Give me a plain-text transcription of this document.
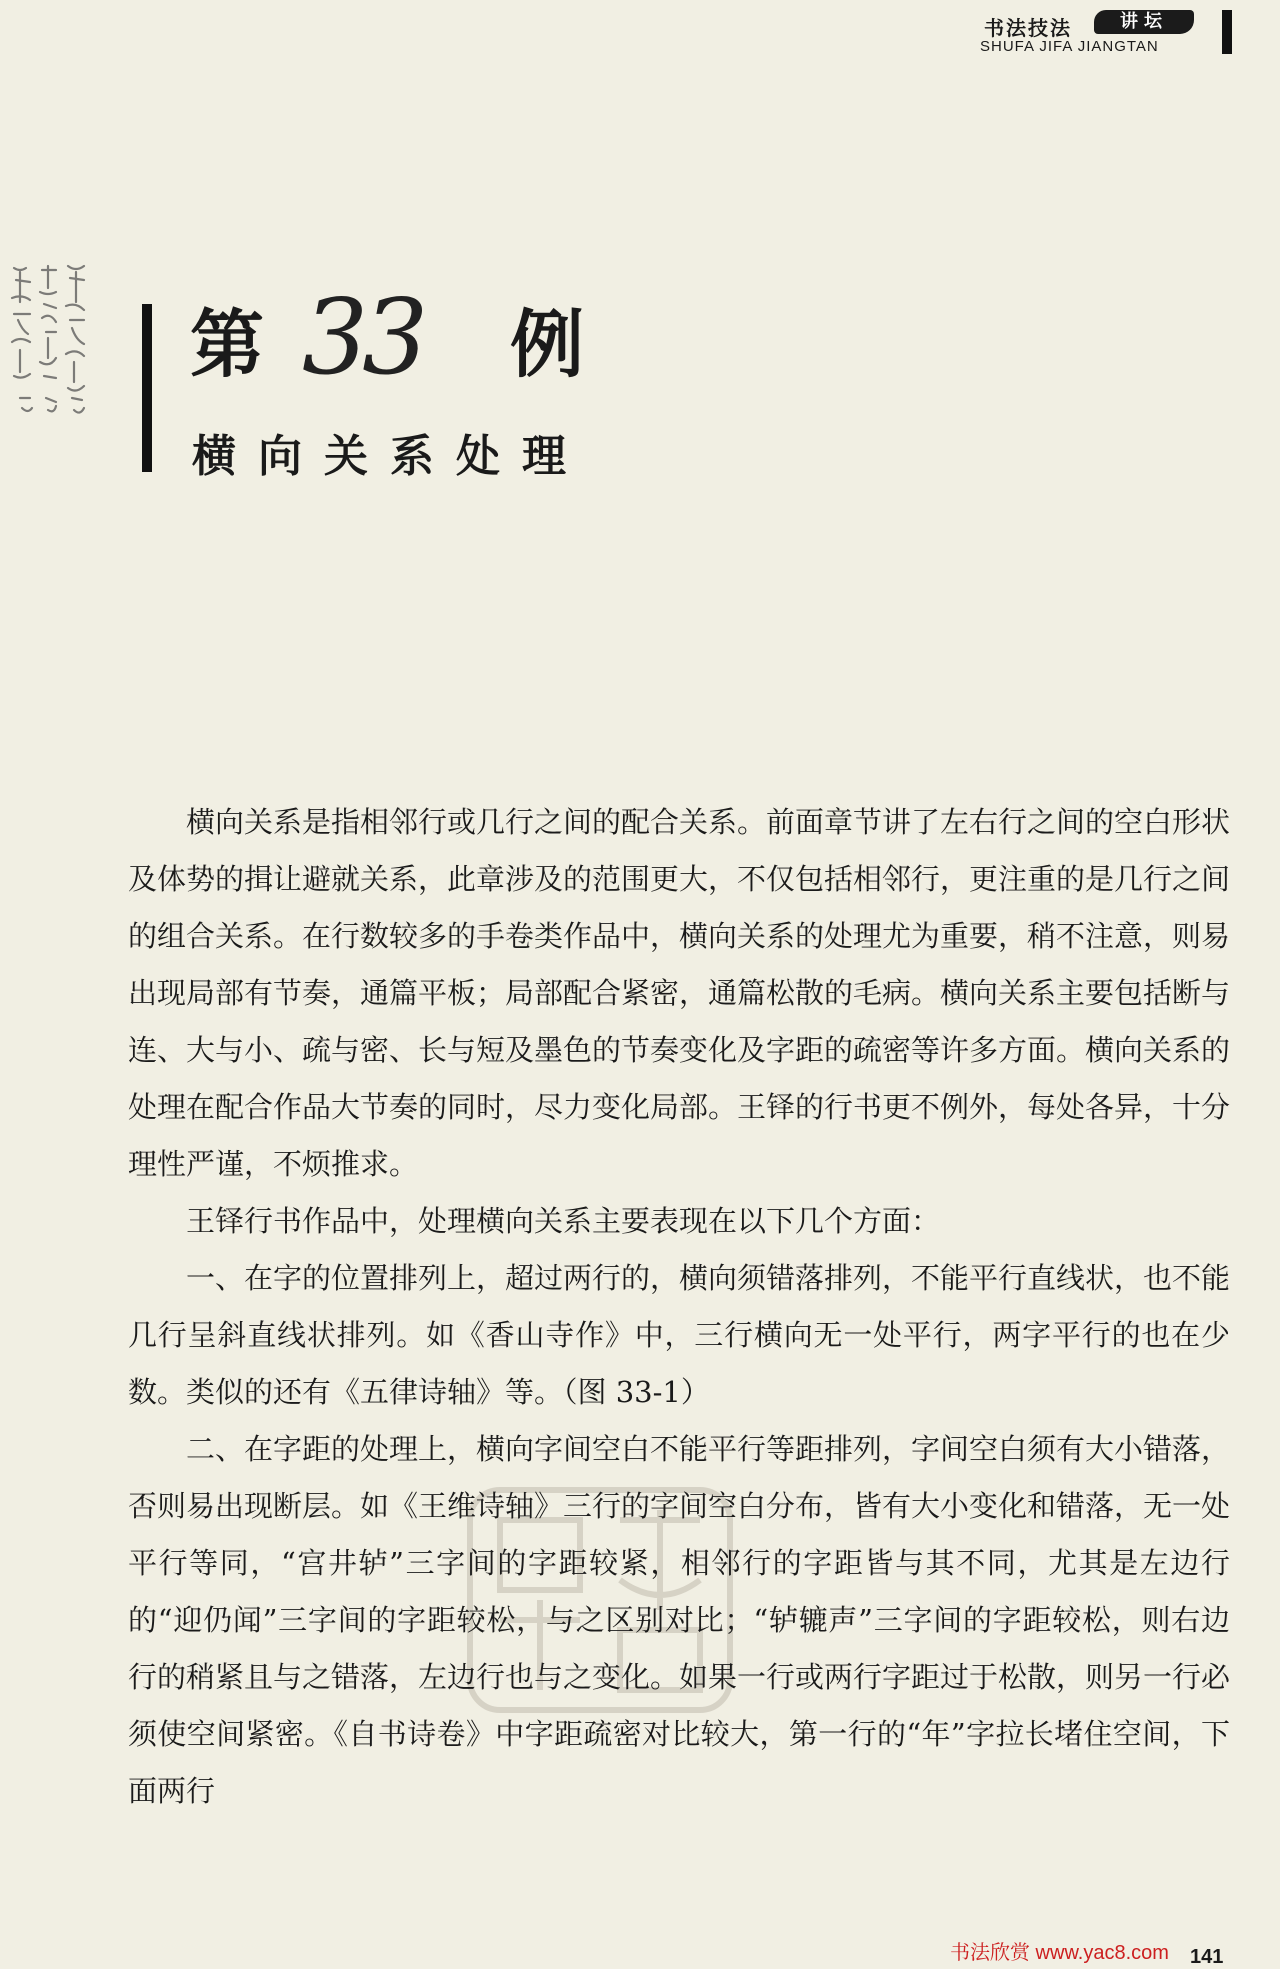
书法技法	讲坛
SHUFA JIFA JIANGTAN
第 33 例
横向关系处理

横向关系是指相邻行或几行之间的配合关系。前面章节讲了左右行之间的空白形状及体势的揖让避就关系，此章涉及的范围更大，不仅包括相邻行，更注重的是几行之间的组合关系。在行数较多的手卷类作品中，横向关系的处理尤为重要，稍不注意，则易出现局部有节奏，通篇平板；局部配合紧密，通篇松散的毛病。横向关系主要包括断与连、大与小、疏与密、长与短及墨色的节奏变化及字距的疏密等许多方面。横向关系的处理在配合作品大节奏的同时，尽力变化局部。王铎的行书更不例外，每处各异，十分理性严谨，不烦推求。

王铎行书作品中，处理横向关系主要表现在以下几个方面：

一、在字的位置排列上，超过两行的，横向须错落排列，不能平行直线状，也不能几行呈斜直线状排列。如《香山寺作》中，三行横向无一处平行，两字平行的也在少数。类似的还有《五律诗轴》等。（图 33-1）

二、在字距的处理上，横向字间空白不能平行等距排列，字间空白须有大小错落，否则易出现断层。如《王维诗轴》三行的字间空白分布，皆有大小变化和错落，无一处平行等同，“宫井轳”三字间的字距较紧，相邻行的字距皆与其不同，尤其是左边行的“迎仍闻”三字间的字距较松，与之区别对比；“轳辘声”三字间的字距较松，则右边行的稍紧且与之错落，左边行也与之变化。如果一行或两行字距过于松散，则另一行必须使空间紧密。《自书诗卷》中字距疏密对比较大，第一行的“年”字拉长堵住空间，下面两行

书法欣赏 www.yac8.com 141
